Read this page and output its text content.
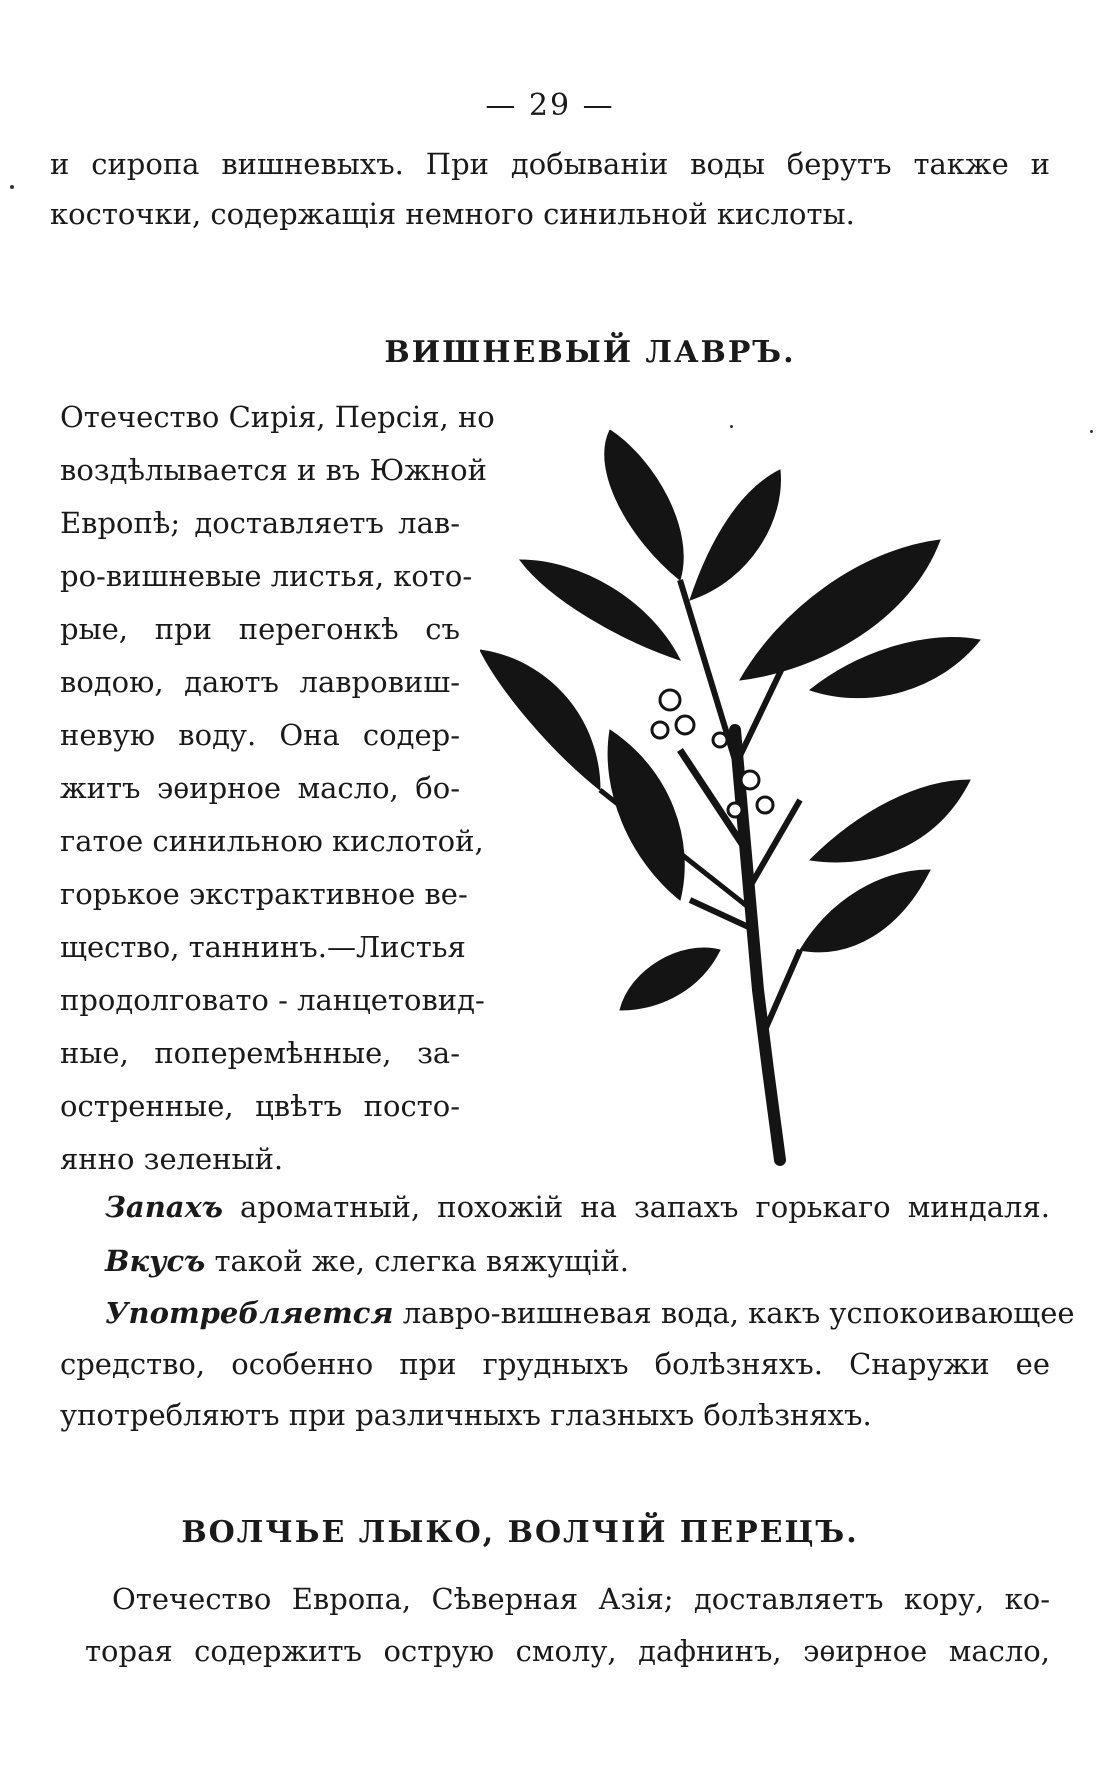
— 29 —
и сиропа вишневыхъ. При добываніи воды берутъ также и
косточки, содержащія немного синильной кислоты.
ВИШНЕВЫЙ ЛАВРЪ.
Отечество Сирія, Персія, но
воздѣлывается и въ Южной
Европѣ; доставляетъ лав-
ро-вишневые листья, кото-
рые, при перегонкѣ съ
водою, даютъ лавровиш-
невую воду. Она содер-
житъ эѳирное масло, бо-
гатое синильною кислотой,
горькое экстрактивное ве-
щество, таннинъ.—Листья
продолговато - ланцетовид-
ные, поперемѣнные, за-
остренные, цвѣтъ посто-
янно зеленый.
Запахъ ароматный, похожій на запахъ горькаго миндаля.
Вкусъ такой же, слегка вяжущій.
Употребляется лавро-вишневая вода, какъ успокоивающее
средство, особенно при грудныхъ болѣзняхъ. Снаружи ее
употребляютъ при различныхъ глазныхъ болѣзняхъ.
ВОЛЧЬЕ ЛЫКО, ВОЛЧІЙ ПЕРЕЦЪ.
Отечество Европа, Сѣверная Азія; доставляетъ кору, ко-
торая содержитъ острую смолу, дафнинъ, эѳирное масло,
